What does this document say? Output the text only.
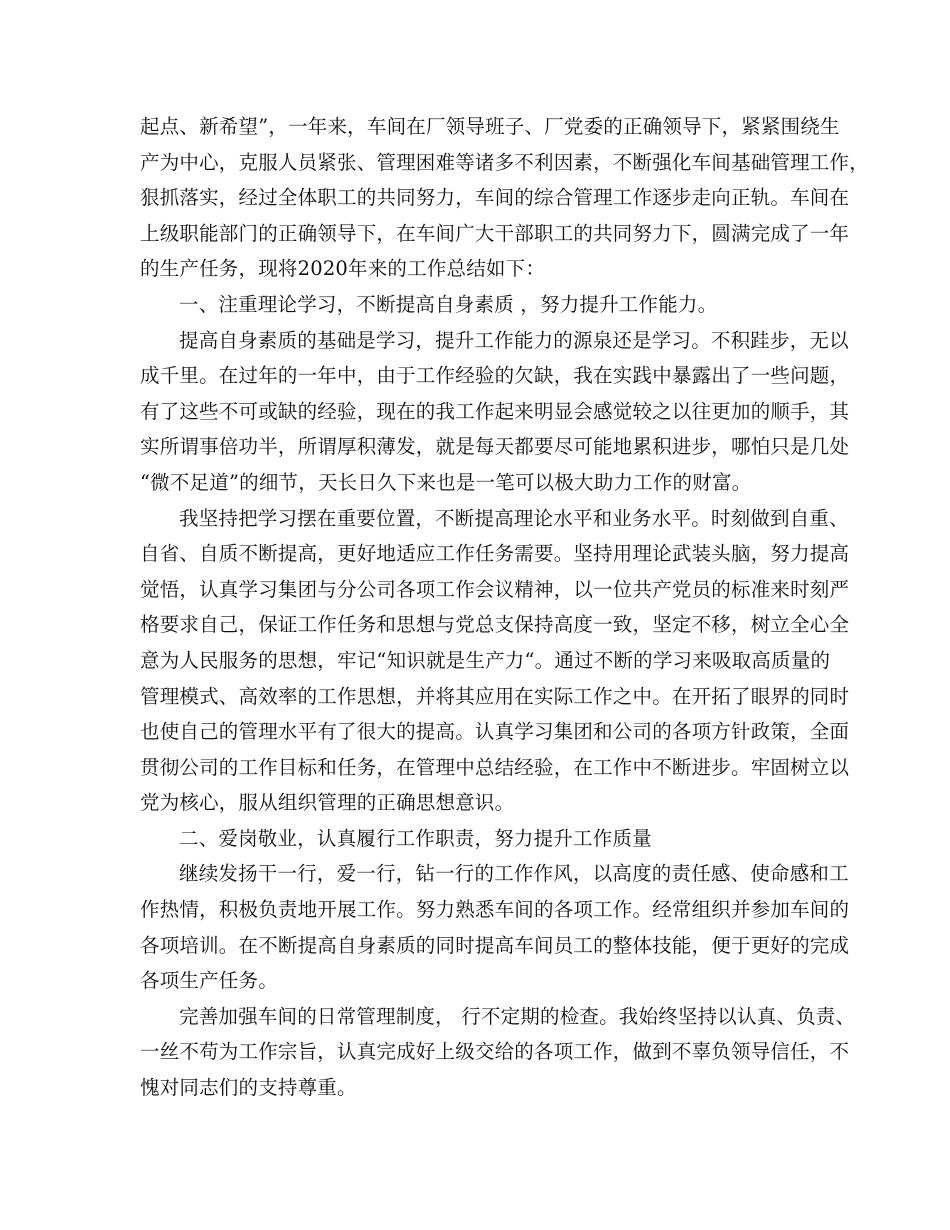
起点、新希望”，一年来，车间在厂领导班子、厂党委的正确领导下，紧紧围绕生
产为中心，克服人员紧张、管理困难等诸多不利因素，不断强化车间基础管理工作，
狠抓落实，经过全体职工的共同努力，车间的综合管理工作逐步走向正轨。车间在
上级职能部门的正确领导下，在车间广大干部职工的共同努力下，圆满完成了一年
的生产任务，现将2020年来的工作总结如下：
一、注重理论学习，不断提高自身素质 ，努力提升工作能力。
提高自身素质的基础是学习，提升工作能力的源泉还是学习。不积跬步，无以
成千里。在过年的一年中，由于工作经验的欠缺，我在实践中暴露出了一些问题，
有了这些不可或缺的经验，现在的我工作起来明显会感觉较之以往更加的顺手，其
实所谓事倍功半，所谓厚积薄发，就是每天都要尽可能地累积进步，哪怕只是几处
“微不足道”的细节，天长日久下来也是一笔可以极大助力工作的财富。
我坚持把学习摆在重要位置，不断提高理论水平和业务水平。时刻做到自重、
自省、自质不断提高，更好地适应工作任务需要。坚持用理论武装头脑，努力提高
觉悟，认真学习集团与分公司各项工作会议精神，以一位共产党员的标准来时刻严
格要求自己，保证工作任务和思想与党总支保持高度一致，坚定不移，树立全心全
意为人民服务的思想，牢记“知识就是生产力“。通过不断的学习来吸取高质量的
管理模式、高效率的工作思想，并将其应用在实际工作之中。在开拓了眼界的同时
也使自己的管理水平有了很大的提高。认真学习集团和公司的各项方针政策，全面
贯彻公司的工作目标和任务，在管理中总结经验，在工作中不断进步。牢固树立以
党为核心，服从组织管理的正确思想意识。
二、爱岗敬业，认真履行工作职责，努力提升工作质量
继续发扬干一行，爱一行，钻一行的工作作风，以高度的责任感、使命感和工
作热情，积极负责地开展工作。努力熟悉车间的各项工作。经常组织并参加车间的
各项培训。在不断提高自身素质的同时提高车间员工的整体技能，便于更好的完成
各项生产任务。
完善加强车间的日常管理制度， 行不定期的检查。我始终坚持以认真、负责、
一丝不苟为工作宗旨，认真完成好上级交给的各项工作，做到不辜负领导信任，不
愧对同志们的支持尊重。
